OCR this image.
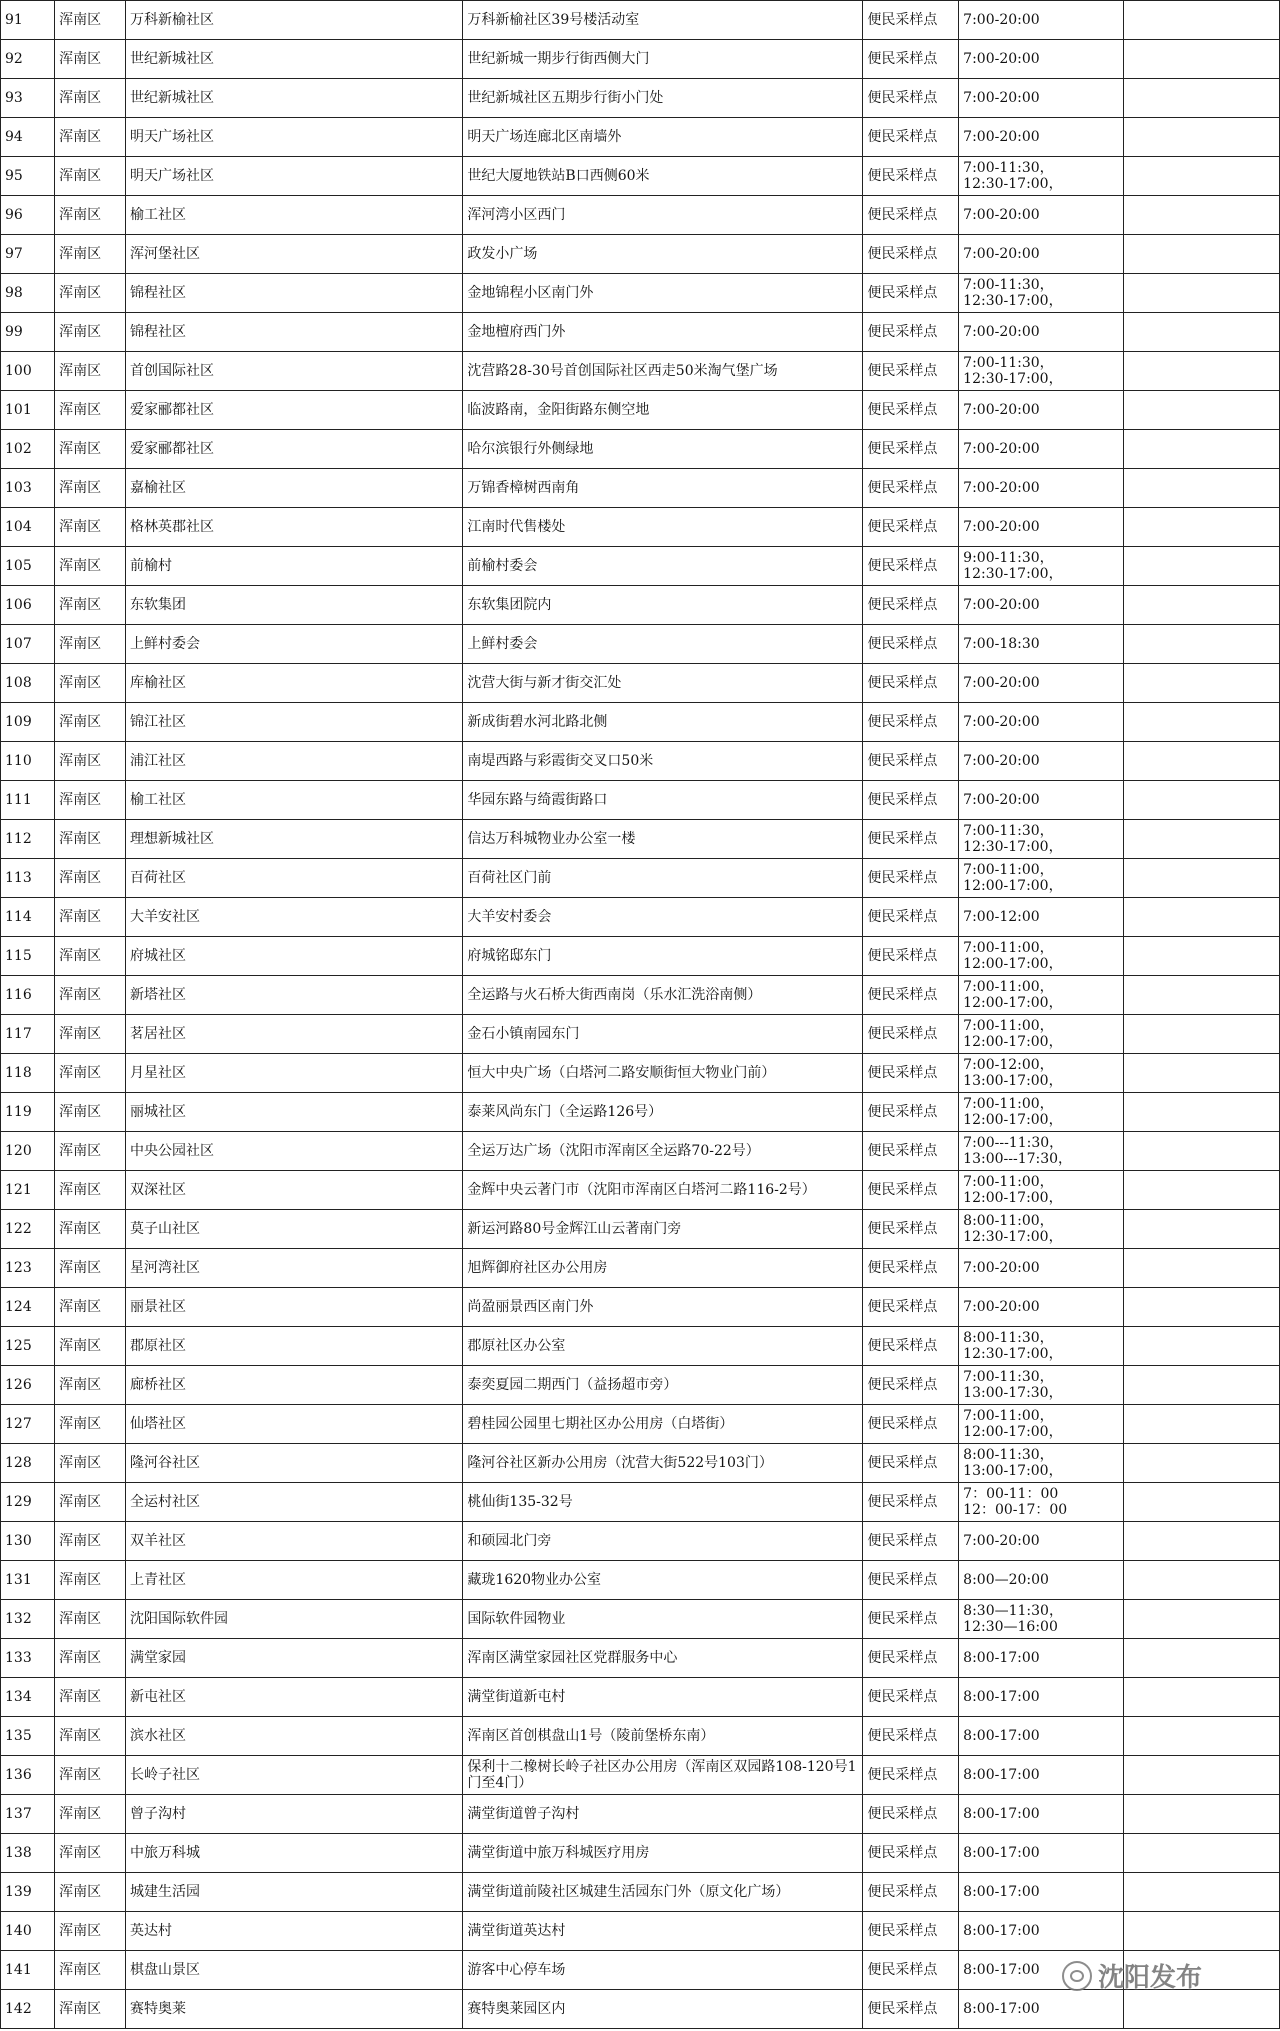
91	浑南区	万科新榆社区	万科新榆社区39号楼活动室	便民采样点	7:00-20:00	
92	浑南区	世纪新城社区	世纪新城一期步行街西侧大门	便民采样点	7:00-20:00	
93	浑南区	世纪新城社区	世纪新城社区五期步行街小门处	便民采样点	7:00-20:00	
94	浑南区	明天广场社区	明天广场连廊北区南墙外	便民采样点	7:00-20:00	
95	浑南区	明天广场社区	世纪大厦地铁站B口西侧60米	便民采样点	7:00-11:30，
12:30-17:00，	
96	浑南区	榆工社区	浑河湾小区西门	便民采样点	7:00-20:00	
97	浑南区	浑河堡社区	政发小广场	便民采样点	7:00-20:00	
98	浑南区	锦程社区	金地锦程小区南门外	便民采样点	7:00-11:30，
12:30-17:00，	
99	浑南区	锦程社区	金地檀府西门外	便民采样点	7:00-20:00	
100	浑南区	首创国际社区	沈营路28-30号首创国际社区西走50米淘气堡广场	便民采样点	7:00-11:30，
12:30-17:00，	
101	浑南区	爱家郦都社区	临波路南，金阳街路东侧空地	便民采样点	7:00-20:00	
102	浑南区	爱家郦都社区	哈尔滨银行外侧绿地	便民采样点	7:00-20:00	
103	浑南区	嘉榆社区	万锦香樟树西南角	便民采样点	7:00-20:00	
104	浑南区	格林英郡社区	江南时代售楼处	便民采样点	7:00-20:00	
105	浑南区	前榆村	前榆村委会	便民采样点	9:00-11:30，
12:30-17:00，	
106	浑南区	东软集团	东软集团院内	便民采样点	7:00-20:00	
107	浑南区	上鲜村委会	上鲜村委会	便民采样点	7:00-18:30	
108	浑南区	库榆社区	沈营大街与新才街交汇处	便民采样点	7:00-20:00	
109	浑南区	锦江社区	新成街碧水河北路北侧	便民采样点	7:00-20:00	
110	浑南区	浦江社区	南堤西路与彩霞街交叉口50米	便民采样点	7:00-20:00	
111	浑南区	榆工社区	华园东路与绮霞街路口	便民采样点	7:00-20:00	
112	浑南区	理想新城社区	信达万科城物业办公室一楼	便民采样点	7:00-11:30，
12:30-17:00，	
113	浑南区	百荷社区	百荷社区门前	便民采样点	7:00-11:00，
12:00-17:00，	
114	浑南区	大羊安社区	大羊安村委会	便民采样点	7:00-12:00	
115	浑南区	府城社区	府城铭邸东门	便民采样点	7:00-11:00，
12:00-17:00，	
116	浑南区	新塔社区	全运路与火石桥大街西南岗（乐水汇洗浴南侧）	便民采样点	7:00-11:00，
12:00-17:00，	
117	浑南区	茗居社区	金石小镇南园东门	便民采样点	7:00-11:00，
12:00-17:00，	
118	浑南区	月星社区	恒大中央广场（白塔河二路安顺街恒大物业门前）	便民采样点	7:00-12:00，
13:00-17:00，	
119	浑南区	丽城社区	泰莱风尚东门（全运路126号）	便民采样点	7:00-11:00，
12:00-17:00，	
120	浑南区	中央公园社区	全运万达广场（沈阳市浑南区全运路70-22号）	便民采样点	7:00---11:30，
13:00---17:30，	
121	浑南区	双深社区	金辉中央云著门市（沈阳市浑南区白塔河二路116-2号）	便民采样点	7:00-11:00，
12:00-17:00，	
122	浑南区	莫子山社区	新运河路80号金辉江山云著南门旁	便民采样点	8:00-11:00，
12:30-17:00，	
123	浑南区	星河湾社区	旭辉御府社区办公用房	便民采样点	7:00-20:00	
124	浑南区	丽景社区	尚盈丽景西区南门外	便民采样点	7:00-20:00	
125	浑南区	郡原社区	郡原社区办公室	便民采样点	8:00-11:30，
12:30-17:00，	
126	浑南区	廊桥社区	泰奕夏园二期西门（益扬超市旁）	便民采样点	7:00-11:30，
13:00-17:30，	
127	浑南区	仙塔社区	碧桂园公园里七期社区办公用房（白塔街）	便民采样点	7:00-11:00，
12:00-17:00，	
128	浑南区	隆河谷社区	隆河谷社区新办公用房（沈营大街522号103门）	便民采样点	8:00-11:30，
13:00-17:00，	
129	浑南区	全运村社区	桃仙街135-32号	便民采样点	7：00-11：00
12：00-17：00	
130	浑南区	双羊社区	和硕园北门旁	便民采样点	7:00-20:00	
131	浑南区	上青社区	藏珑1620物业办公室	便民采样点	8:00—20:00	
132	浑南区	沈阳国际软件园	国际软件园物业	便民采样点	8:30—11:30，
12:30—16:00	
133	浑南区	满堂家园	浑南区满堂家园社区党群服务中心	便民采样点	8:00-17:00	
134	浑南区	新屯社区	满堂街道新屯村	便民采样点	8:00-17:00	
135	浑南区	滨水社区	浑南区首创棋盘山1号（陵前堡桥东南）	便民采样点	8:00-17:00	
136	浑南区	长岭子社区	保利十二橡树长岭子社区办公用房（浑南区双园路108-120号1门至4门）	便民采样点	8:00-17:00	
137	浑南区	曾子沟村	满堂街道曾子沟村	便民采样点	8:00-17:00	
138	浑南区	中旅万科城	满堂街道中旅万科城医疗用房	便民采样点	8:00-17:00	
139	浑南区	城建生活园	满堂街道前陵社区城建生活园东门外（原文化广场）	便民采样点	8:00-17:00	
140	浑南区	英达村	满堂街道英达村	便民采样点	8:00-17:00	
141	浑南区	棋盘山景区	游客中心停车场	便民采样点	8:00-17:00	
142	浑南区	赛特奥莱	赛特奥莱园区内	便民采样点	8:00-17:00	
沈阳发布
